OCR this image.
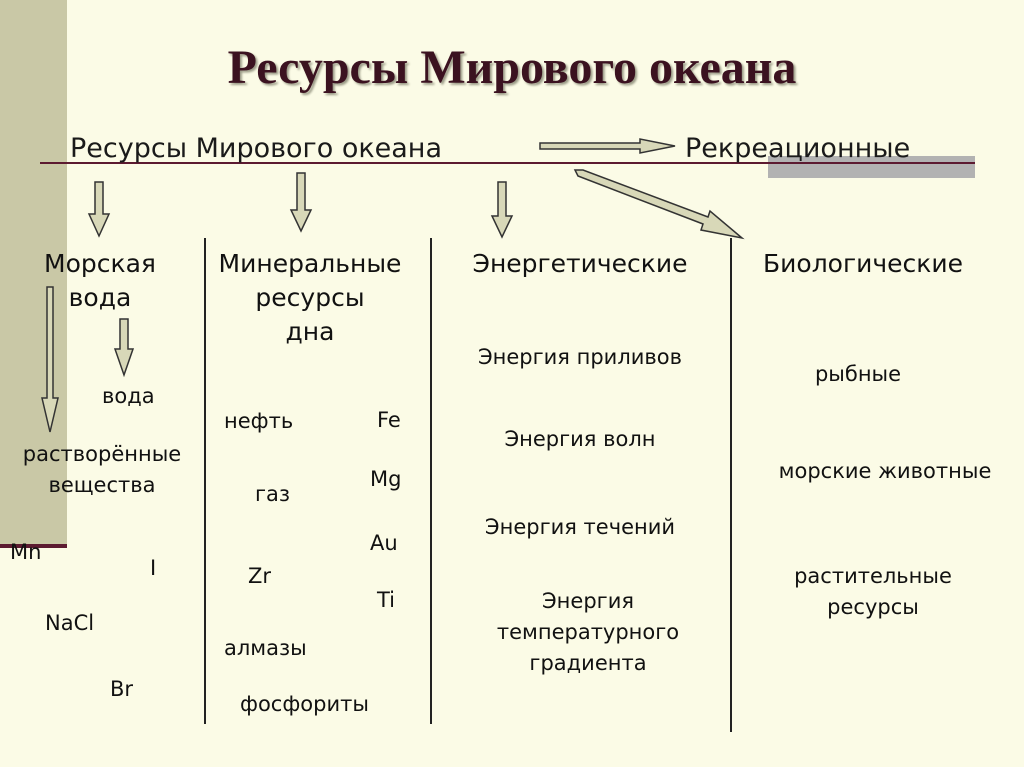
Ресурсы Мирового океана
Ресурсы Мирового океана	Рекреационные
Морская
вода
вода
растворённые
вещества
Mn
I
NaCl
Br
Минеральные
ресурсы
дна
нефть	Fe
Mg
газ
Au
Zr
Ti
алмазы
фосфориты
Энергетические
Энергия приливов
Энергия волн
Энергия течений
Энергия
температурного
градиента
Биологические
рыбные
морские животные
растительные
ресурсы
